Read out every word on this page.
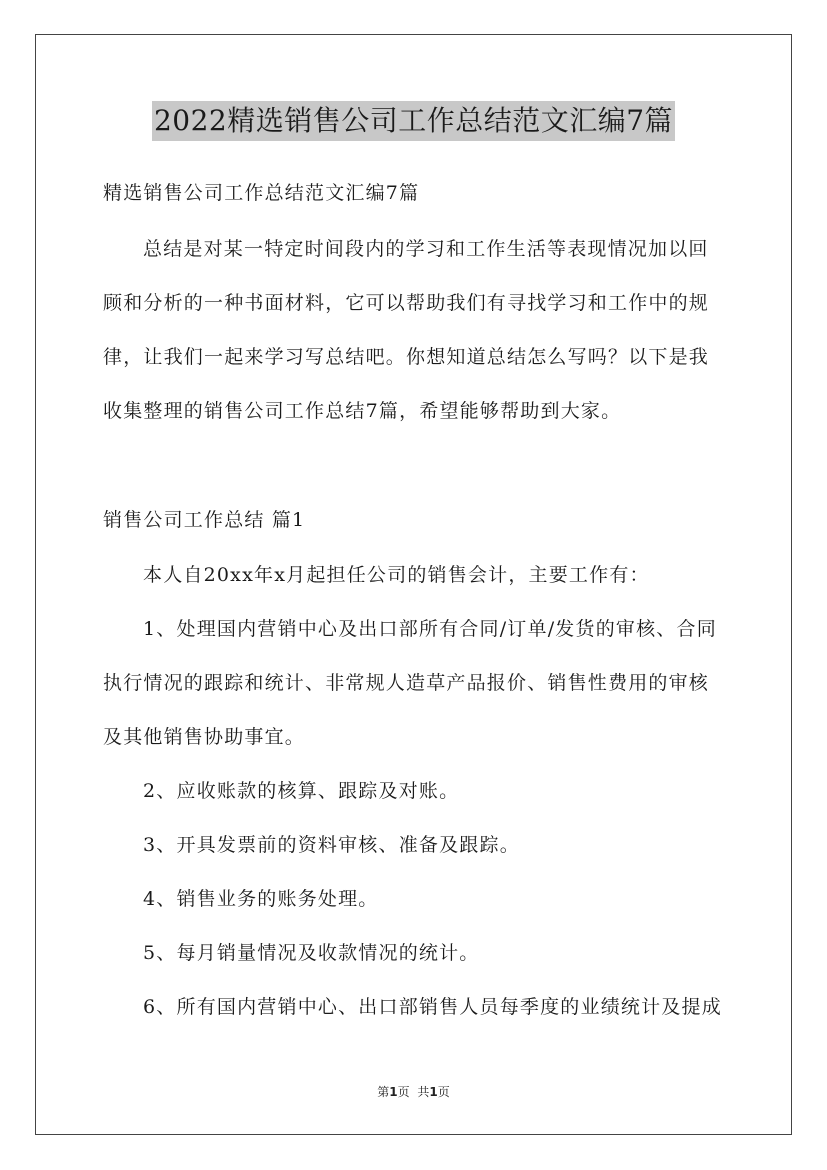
2022精选销售公司工作总结范文汇编7篇

精选销售公司工作总结范文汇编7篇

总结是对某一特定时间段内的学习和工作生活等表现情况加以回

顾和分析的一种书面材料，它可以帮助我们有寻找学习和工作中的规

律，让我们一起来学习写总结吧。你想知道总结怎么写吗？以下是我

收集整理的销售公司工作总结7篇，希望能够帮助到大家。

销售公司工作总结 篇1

本人自20xx年x月起担任公司的销售会计，主要工作有：

1、处理国内营销中心及出口部所有合同/订单/发货的审核、合同

执行情况的跟踪和统计、非常规人造草产品报价、销售性费用的审核

及其他销售协助事宜。

2、应收账款的核算、跟踪及对账。

3、开具发票前的资料审核、准备及跟踪。

4、销售业务的账务处理。

5、每月销量情况及收款情况的统计。

6、所有国内营销中心、出口部销售人员每季度的业绩统计及提成

第1页 共1页
